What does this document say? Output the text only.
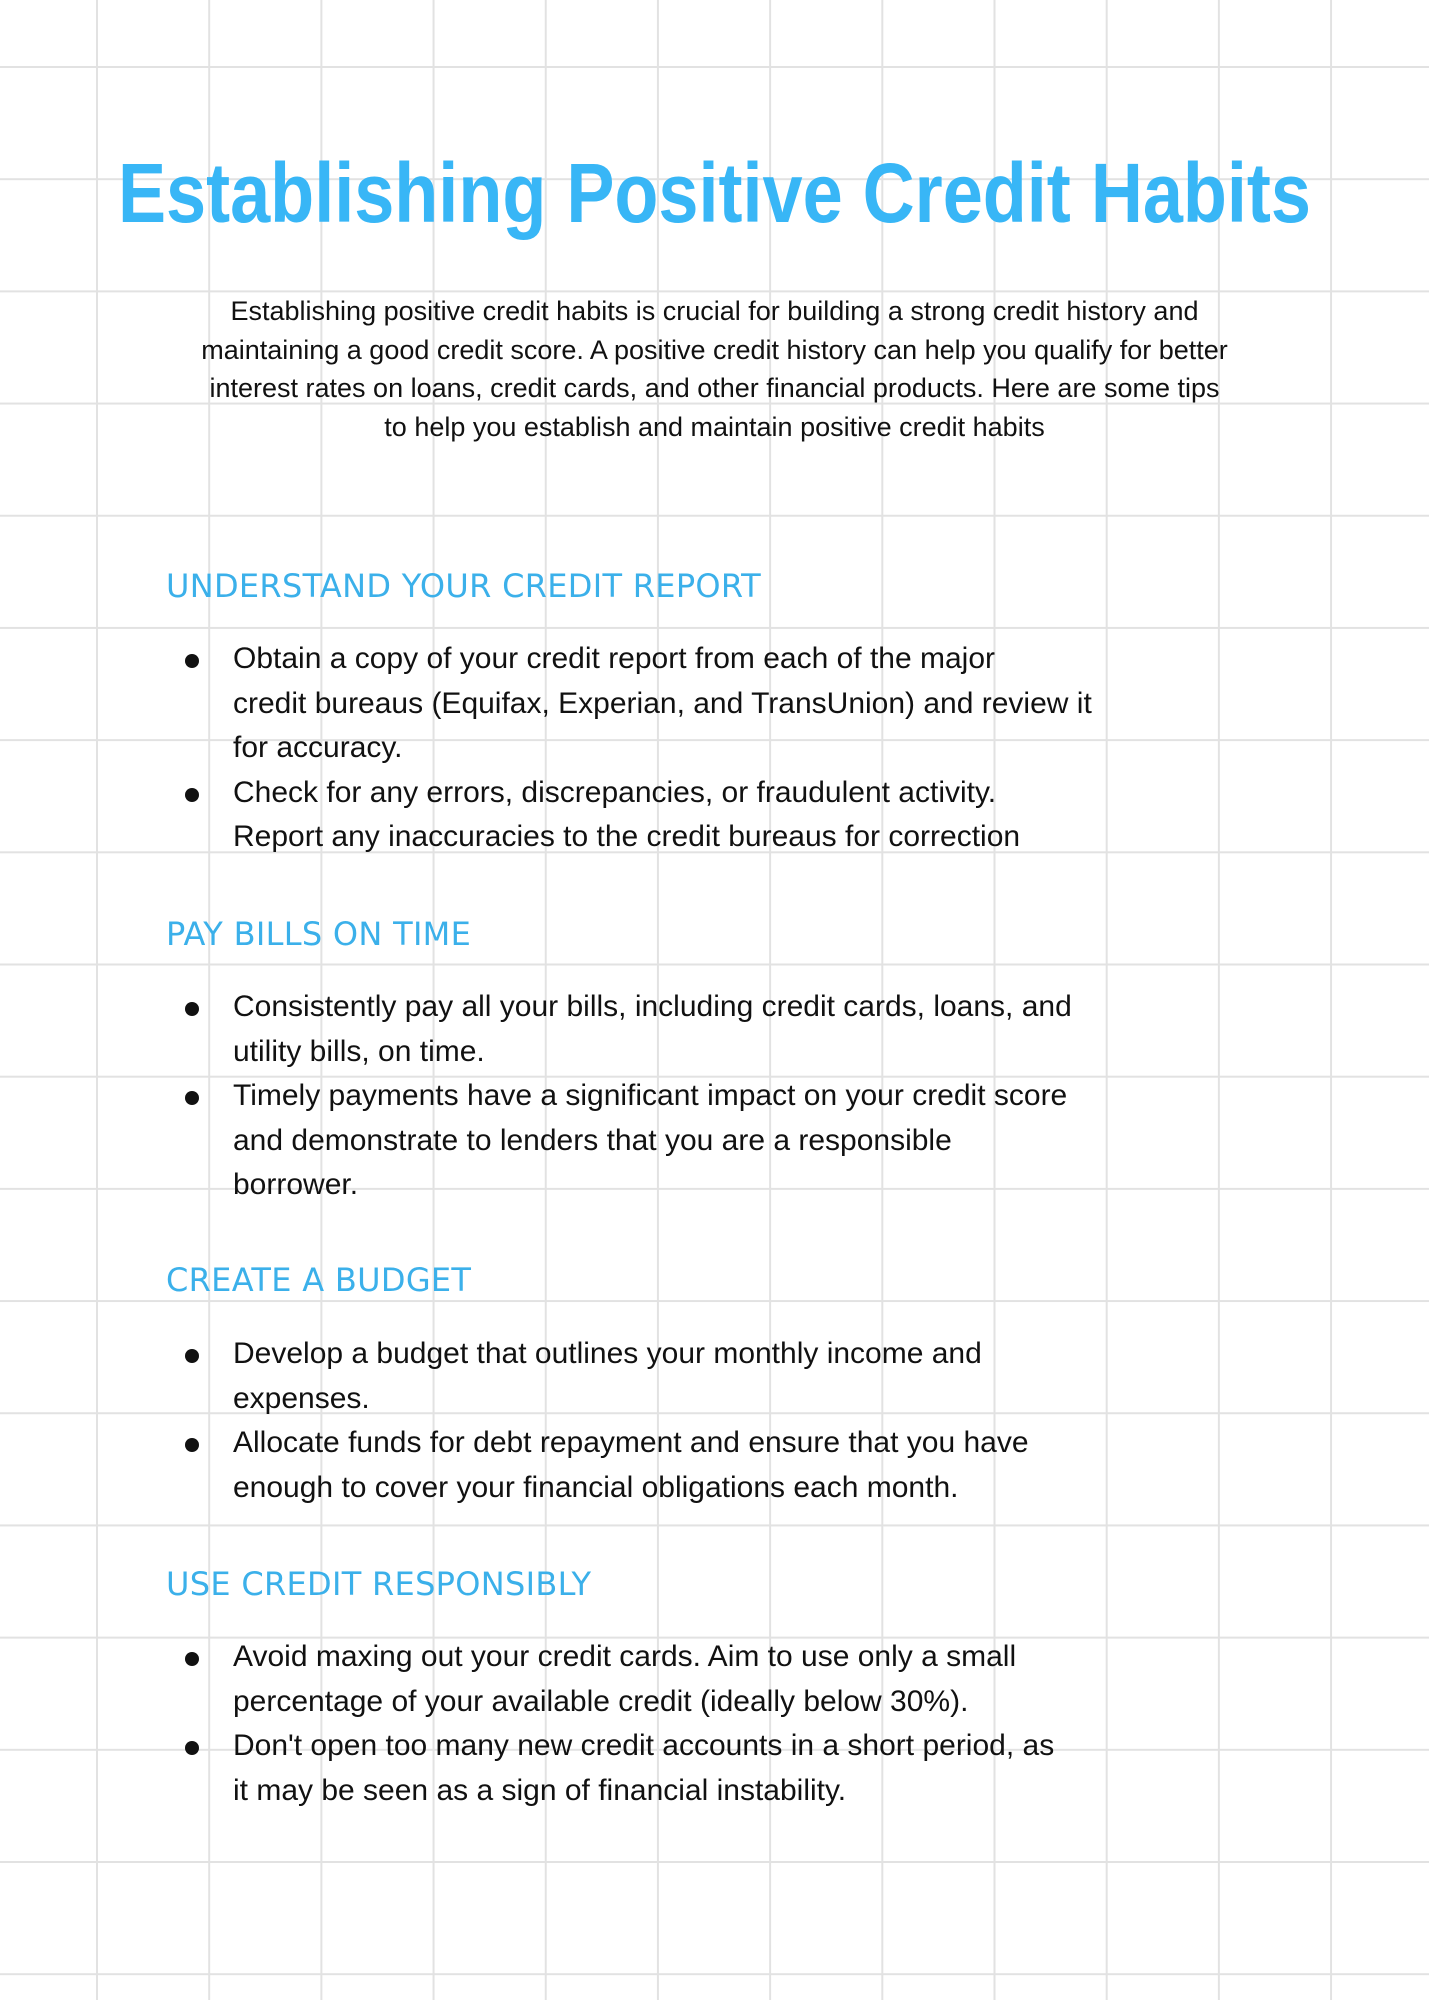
Establishing Positive Credit Habits
Establishing positive credit habits is crucial for building a strong credit history and
maintaining a good credit score. A positive credit history can help you qualify for better
interest rates on loans, credit cards, and other financial products. Here are some tips
to help you establish and maintain positive credit habits
UNDERSTAND YOUR CREDIT REPORT
Obtain a copy of your credit report from each of the major
credit bureaus (Equifax, Experian, and TransUnion) and review it
for accuracy.
Check for any errors, discrepancies, or fraudulent activity.
Report any inaccuracies to the credit bureaus for correction
PAY BILLS ON TIME
Consistently pay all your bills, including credit cards, loans, and
utility bills, on time.
Timely payments have a significant impact on your credit score
and demonstrate to lenders that you are a responsible
borrower.
CREATE A BUDGET
Develop a budget that outlines your monthly income and
expenses.
Allocate funds for debt repayment and ensure that you have
enough to cover your financial obligations each month.
USE CREDIT RESPONSIBLY
Avoid maxing out your credit cards. Aim to use only a small
percentage of your available credit (ideally below 30%).
Don't open too many new credit accounts in a short period, as
it may be seen as a sign of financial instability.
